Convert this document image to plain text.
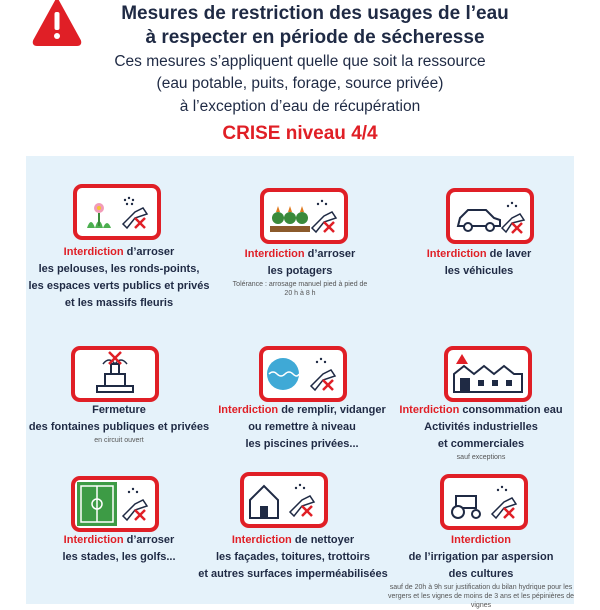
Mesures de restriction des usages de l’eau
à respecter en période de sécheresse
Ces mesures s’appliquent quelle que soit la ressource
(eau potable, puits, forage, source privée)
à l’exception d’eau de récupération
CRISE niveau 4/4
Interdiction d’arroser
les pelouses, les ronds-points,
les espaces verts publics et privés
et les massifs fleuris
Interdiction d’arroser
les potagers
Tolérance : arrosage manuel pied à pied de 20 h à 8 h
Interdiction de laver
les véhicules
Fermeture
des fontaines publiques et privées
en circuit ouvert
Interdiction de remplir, vidanger
ou remettre à niveau
les piscines privées...
Interdiction consommation eau
Activités industrielles
et commerciales
sauf exceptions
Interdiction d’arroser
les stades, les golfs...
Interdiction de nettoyer
les façades, toitures, trottoirs
et autres surfaces imperméabilisées
Interdiction
de l’irrigation par aspersion
des cultures
sauf de 20h à 9h sur justification du bilan hydrique pour les vergers et les vignes de moins de 3 ans et les pépinières de vignes
